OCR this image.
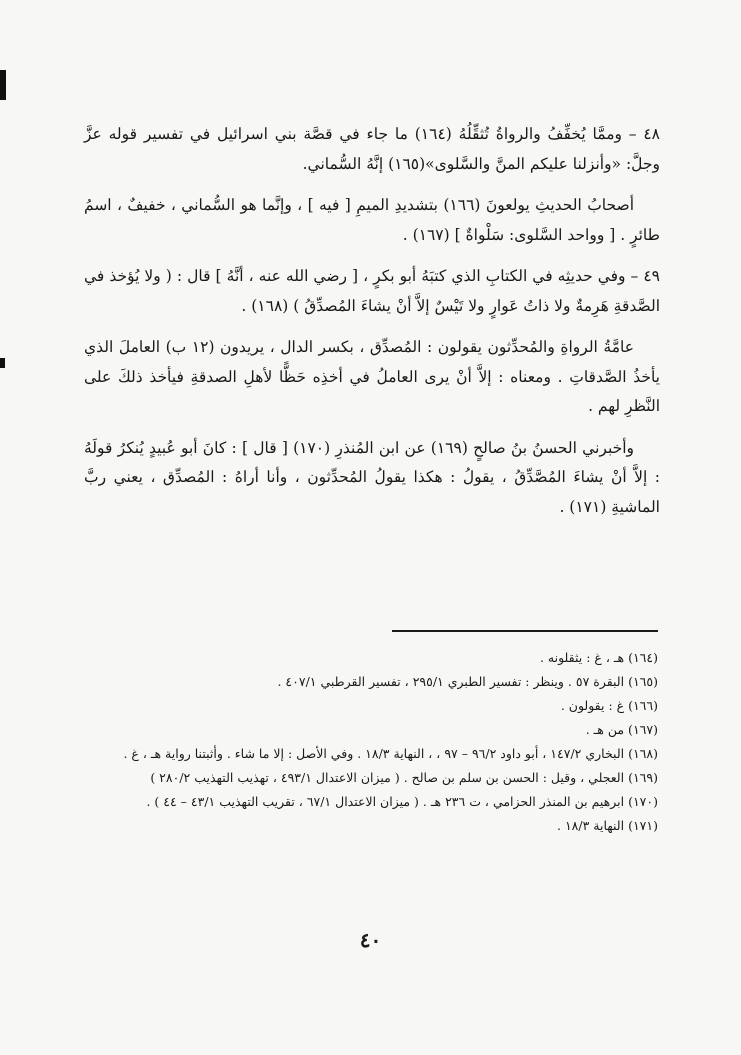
٤٨ – وممَّا يُخفِّفُ والرواةُ تُثقِّلُهُ (١٦٤) ما جاء في قصَّة بني اسرائيل في تفسير قوله عزَّ وجلَّ: «وأنزلنا عليكم المنَّ والسَّلوى»(١٦٥) إنَّهُ السُّماني.

أصحابُ الحديثِ يولعونَ (١٦٦) بتشديدِ الميمِ [ فيه ] ، وإنَّما هو السُّماني ، خفيفٌ ، اسمُ طائرٍ . [ وواحد السَّلوى: سَلْواةٌ ] (١٦٧) .

٤٩ – وفي حديثِه في الكتابِ الذي كتبَهُ أبو بكرٍ ، [ رضي الله عنه ، أنَّهُ ] قال : ( ولا يُؤخذ في الصَّدقةِ هَرِمةٌ ولا ذاتُ عَوارٍ ولا تَيْسٌ إلاَّ أنْ يشاءَ المُصدِّقُ ) (١٦٨) .

عامَّةُ الرواةِ والمُحدِّثون يقولون : المُصدِّق ، بكسر الدال ، يريدون (١٢ ب) العاملَ الذي يأخذُ الصَّدقاتِ . ومعناه : إلاَّ أنْ يرى العاملُ في أخذِه حَظًّا لأهلِ الصدقةِ فيأخذ ذلكَ على النَّظرِ لهم .

وأخبرني الحسنُ بنُ صالحٍ (١٦٩) عن ابن المُنذرِ (١٧٠) [ قال ] : كانَ أبو عُبيدٍ يُنكرُ قولَهُ : إلاَّ أنْ يشاءَ المُصَّدِّقُ ، يقولُ : هكذا يقولُ المُحدِّثون ، وأنا أراهُ : المُصدِّق ، يعني ربَّ الماشيةِ (١٧١) .

(١٦٤) هـ ، غ : يثقلونه .

(١٦٥) البقرة ٥٧ . وينظر : تفسير الطبري ٢٩٥/١ ، تفسير القرطبي ٤٠٧/١ .

(١٦٦) غ : يقولون .

(١٦٧) من هـ .

(١٦٨) البخاري ١٤٧/٢ ، أبو داود ٩٦/٢ – ٩٧ ، ، النهاية ١٨/٣ . وفي الأصل : إلا ما شاء . وأثبتنا رواية هـ ، غ .

(١٦٩) العجلي ، وقيل : الحسن بن سلم بن صالح . ( ميزان الاعتدال ٤٩٣/١ ، تهذيب التهذيب ٢٨٠/٢ )

(١٧٠) ابرهيم بن المنذر الحزامي ، ت ٢٣٦ هـ . ( ميزان الاعتدال ٦٧/١ ، تقريب التهذيب ٤٣/١ – ٤٤ ) .

(١٧١) النهاية ١٨/٣ .

٤٠
